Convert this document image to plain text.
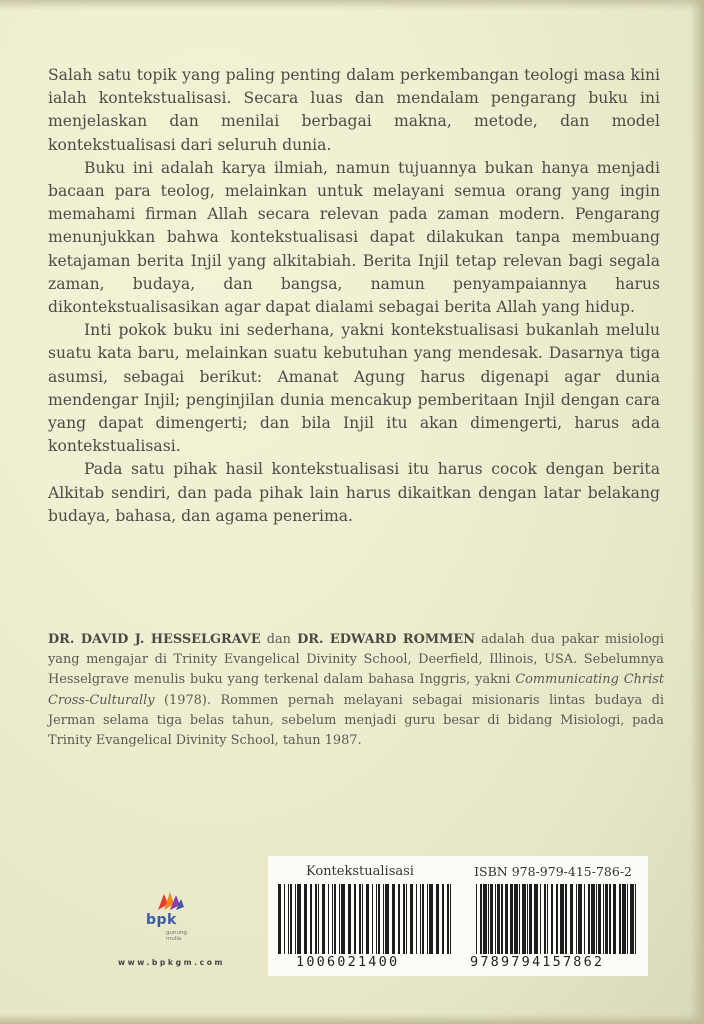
Salah satu topik yang paling penting dalam perkembangan teologi masa kini ialah kontekstualisasi. Secara luas dan mendalam pengarang buku ini menjelaskan dan menilai berbagai makna, metode, dan model kontekstualisasi dari seluruh dunia.

Buku ini adalah karya ilmiah, namun tujuannya bukan hanya menjadi bacaan para teolog, melainkan untuk melayani semua orang yang ingin memahami firman Allah secara relevan pada zaman modern. Pengarang menunjukkan bahwa kontekstualisasi dapat dilakukan tanpa membuang ketajaman berita Injil yang alkitabiah. Berita Injil tetap relevan bagi segala zaman, budaya, dan bangsa, namun penyampaiannya harus dikontekstualisasikan agar dapat dialami sebagai berita Allah yang hidup.

Inti pokok buku ini sederhana, yakni kontekstualisasi bukanlah melulu suatu kata baru, melainkan suatu kebutuhan yang mendesak. Dasarnya tiga asumsi, sebagai berikut: Amanat Agung harus digenapi agar dunia mendengar Injil; penginjilan dunia mencakup pemberitaan Injil dengan cara yang dapat dimengerti; dan bila Injil itu akan dimengerti, harus ada kontekstualisasi.

Pada satu pihak hasil kontekstualisasi itu harus cocok dengan berita Alkitab sendiri, dan pada pihak lain harus dikaitkan dengan latar belakang budaya, bahasa, dan agama penerima.

DR. DAVID J. HESSELGRAVE dan DR. EDWARD ROMMEN adalah dua pakar misiologi yang mengajar di Trinity Evangelical Divinity School, Deerfield, Illinois, USA. Sebelumnya Hesselgrave menulis buku yang terkenal dalam bahasa Inggris, yakni Communicating Christ Cross-Culturally (1978). Rommen pernah melayani sebagai misionaris lintas budaya di Jerman selama tiga belas tahun, sebelum menjadi guru besar di bidang Misiologi, pada Trinity Evangelical Divinity School, tahun 1987.
bpk
gunung
mulia
www.bpkgm.com
Kontekstualisasi	ISBN 978-979-415-786-2
1006021400	9789794157862
